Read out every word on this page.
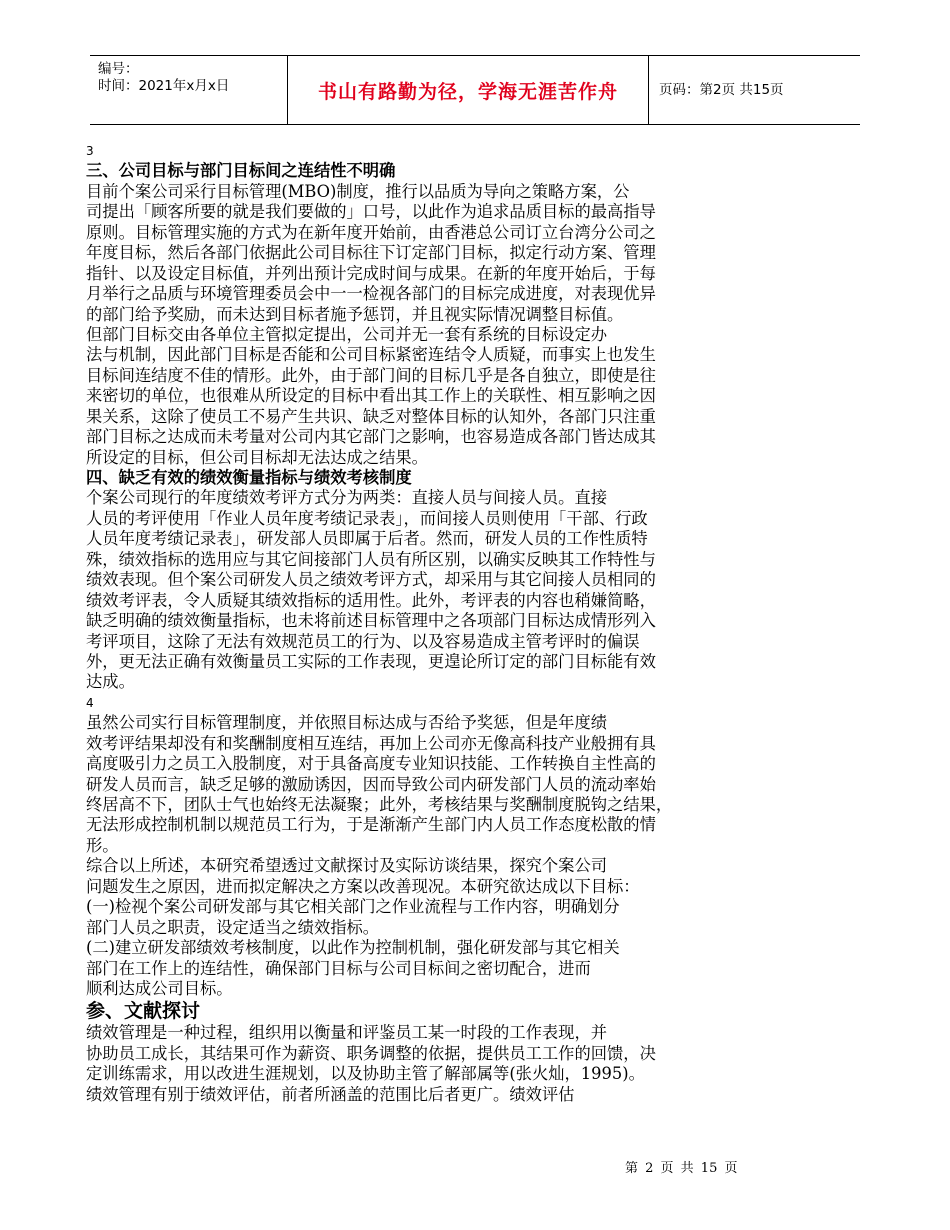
编号：
时间：2021年x月x日	书山有路勤为径，学海无涯苦作舟	页码：第2页 共15页
3
三、公司目标与部门目标间之连结性不明确
目前个案公司采行目标管理(MBO)制度，推行以品质为导向之策略方案，公
司提出「顾客所要的就是我们要做的」口号，以此作为追求品质目标的最高指导
原则。目标管理实施的方式为在新年度开始前，由香港总公司订立台湾分公司之
年度目标，然后各部门依据此公司目标往下订定部门目标，拟定行动方案、管理
指针、以及设定目标值，并列出预计完成时间与成果。在新的年度开始后，于每
月举行之品质与环境管理委员会中一一检视各部门的目标完成进度，对表现优异
的部门给予奖励，而未达到目标者施予惩罚，并且视实际情况调整目标值。
但部门目标交由各单位主管拟定提出，公司并无一套有系统的目标设定办
法与机制，因此部门目标是否能和公司目标紧密连结令人质疑，而事实上也发生
目标间连结度不佳的情形。此外，由于部门间的目标几乎是各自独立，即使是往
来密切的单位，也很难从所设定的目标中看出其工作上的关联性、相互影响之因
果关系，这除了使员工不易产生共识、缺乏对整体目标的认知外，各部门只注重
部门目标之达成而未考量对公司内其它部门之影响，也容易造成各部门皆达成其
所设定的目标，但公司目标却无法达成之结果。
四、缺乏有效的绩效衡量指标与绩效考核制度
个案公司现行的年度绩效考评方式分为两类：直接人员与间接人员。直接
人员的考评使用「作业人员年度考绩记录表」，而间接人员则使用「干部、行政
人员年度考绩记录表」，研发部人员即属于后者。然而，研发人员的工作性质特
殊，绩效指标的选用应与其它间接部门人员有所区别，以确实反映其工作特性与
绩效表现。但个案公司研发人员之绩效考评方式，却采用与其它间接人员相同的
绩效考评表，令人质疑其绩效指标的适用性。此外，考评表的内容也稍嫌简略，
缺乏明确的绩效衡量指标，也未将前述目标管理中之各项部门目标达成情形列入
考评项目，这除了无法有效规范员工的行为、以及容易造成主管考评时的偏误
外，更无法正确有效衡量员工实际的工作表现，更遑论所订定的部门目标能有效
达成。
4
虽然公司实行目标管理制度，并依照目标达成与否给予奖惩，但是年度绩
效考评结果却没有和奖酬制度相互连结，再加上公司亦无像高科技产业般拥有具
高度吸引力之员工入股制度，对于具备高度专业知识技能、工作转换自主性高的
研发人员而言，缺乏足够的激励诱因，因而导致公司内研发部门人员的流动率始
终居高不下，团队士气也始终无法凝聚；此外，考核结果与奖酬制度脱钩之结果，
无法形成控制机制以规范员工行为，于是渐渐产生部门内人员工作态度松散的情
形。
综合以上所述，本研究希望透过文献探讨及实际访谈结果，探究个案公司
问题发生之原因，进而拟定解决之方案以改善现况。本研究欲达成以下目标：
(一)检视个案公司研发部与其它相关部门之作业流程与工作内容，明确划分
部门人员之职责，设定适当之绩效指标。
(二)建立研发部绩效考核制度，以此作为控制机制，强化研发部与其它相关
部门在工作上的连结性，确保部门目标与公司目标间之密切配合，进而
顺利达成公司目标。
参、文献探讨
绩效管理是一种过程，组织用以衡量和评鉴员工某一时段的工作表现，并
协助员工成长，其结果可作为薪资、职务调整的依据，提供员工工作的回馈，决
定训练需求，用以改进生涯规划，以及协助主管了解部属等(张火灿，1995)。
绩效管理有别于绩效评估，前者所涵盖的范围比后者更广。绩效评估
第 2 页 共 15 页
